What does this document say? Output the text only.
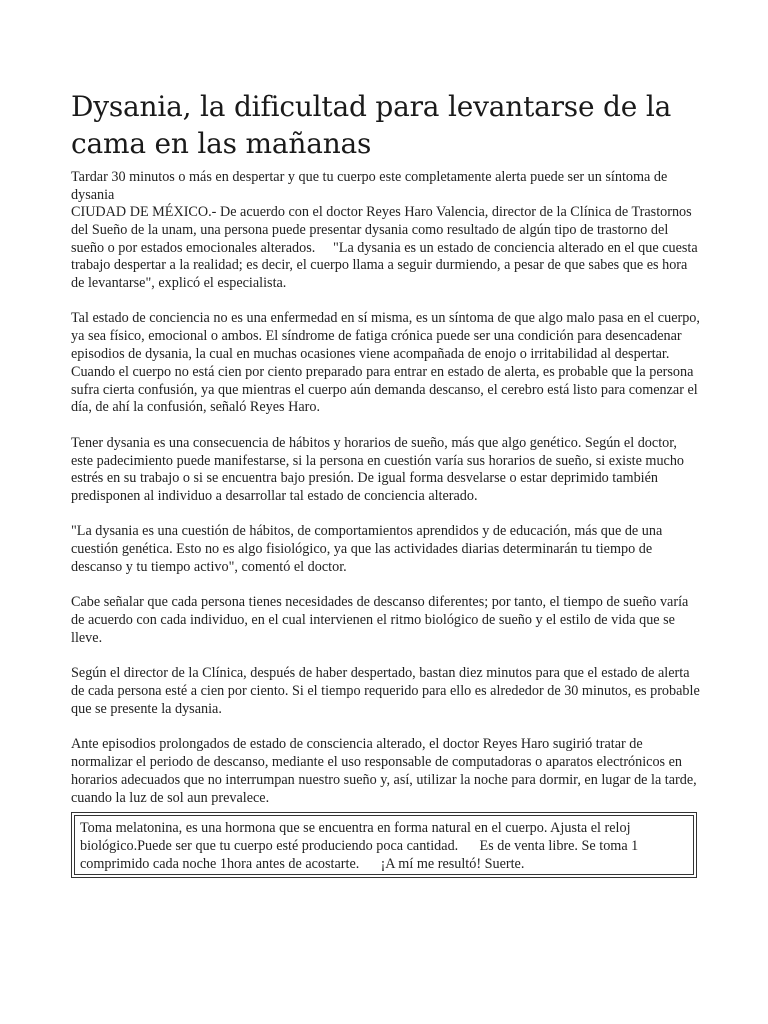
Dysania, la dificultad para levantarse de la cama en las mañanas

Tardar 30 minutos o más en despertar y que tu cuerpo este completamente alerta puede ser un síntoma de dysania

CIUDAD DE MÉXICO.- De acuerdo con el doctor Reyes Haro Valencia, director de la Clínica de Trastornos del Sueño de la unam, una persona puede presentar dysania como resultado de algún tipo de trastorno del sueño o por estados emocionales alterados.     "La dysania es un estado de conciencia alterado en el que cuesta trabajo despertar a la realidad; es decir, el cuerpo llama a seguir durmiendo, a pesar de que sabes que es hora de levantarse", explicó el especialista.

Tal estado de conciencia no es una enfermedad en sí misma, es un síntoma de que algo malo pasa en el cuerpo, ya sea físico, emocional o ambos. El síndrome de fatiga crónica puede ser una condición para desencadenar episodios de dysania, la cual en muchas ocasiones viene acompañada de enojo o irritabilidad al despertar.      Cuando el cuerpo no está cien por ciento preparado para entrar en estado de alerta, es probable que la persona sufra cierta confusión, ya que mientras el cuerpo aún demanda descanso, el cerebro está listo para comenzar el día, de ahí la confusión, señaló Reyes Haro.

Tener dysania es una consecuencia de hábitos y horarios de sueño, más que algo genético. Según el doctor, este padecimiento puede manifestarse, si la persona en cuestión varía sus horarios de sueño, si existe mucho estrés en su trabajo o si se encuentra bajo presión. De igual forma desvelarse o estar deprimido también predisponen al individuo a desarrollar tal estado de conciencia alterado.

"La dysania es una cuestión de hábitos, de comportamientos aprendidos y de educación, más que de una cuestión genética. Esto no es algo fisiológico, ya que las actividades diarias determinarán tu tiempo de descanso y tu tiempo activo", comentó el doctor.

Cabe señalar que cada persona tienes necesidades de descanso diferentes; por tanto, el tiempo de sueño varía de acuerdo con cada individuo, en el cual intervienen el ritmo biológico de sueño y el estilo de vida que se lleve.

Según el director de la Clínica, después de haber despertado, bastan diez minutos para que el estado de alerta de cada persona esté a cien por ciento. Si el tiempo requerido para ello es alrededor de 30 minutos, es probable que se presente la dysania.

Ante episodios prolongados de estado de consciencia alterado, el doctor Reyes Haro sugirió tratar de normalizar el periodo de descanso, mediante el uso responsable de computadoras o aparatos electrónicos en horarios adecuados que no interrumpan nuestro sueño y, así, utilizar la noche para dormir, en lugar de la tarde, cuando la luz de sol aun prevalece.

Toma melatonina, es una hormona que se encuentra en forma natural en el cuerpo. Ajusta el reloj biológico.Puede ser que tu cuerpo esté produciendo poca cantidad.      Es de venta libre. Se toma 1 comprimido cada noche 1hora antes de acostarte.      ¡A mí me resultó! Suerte.
